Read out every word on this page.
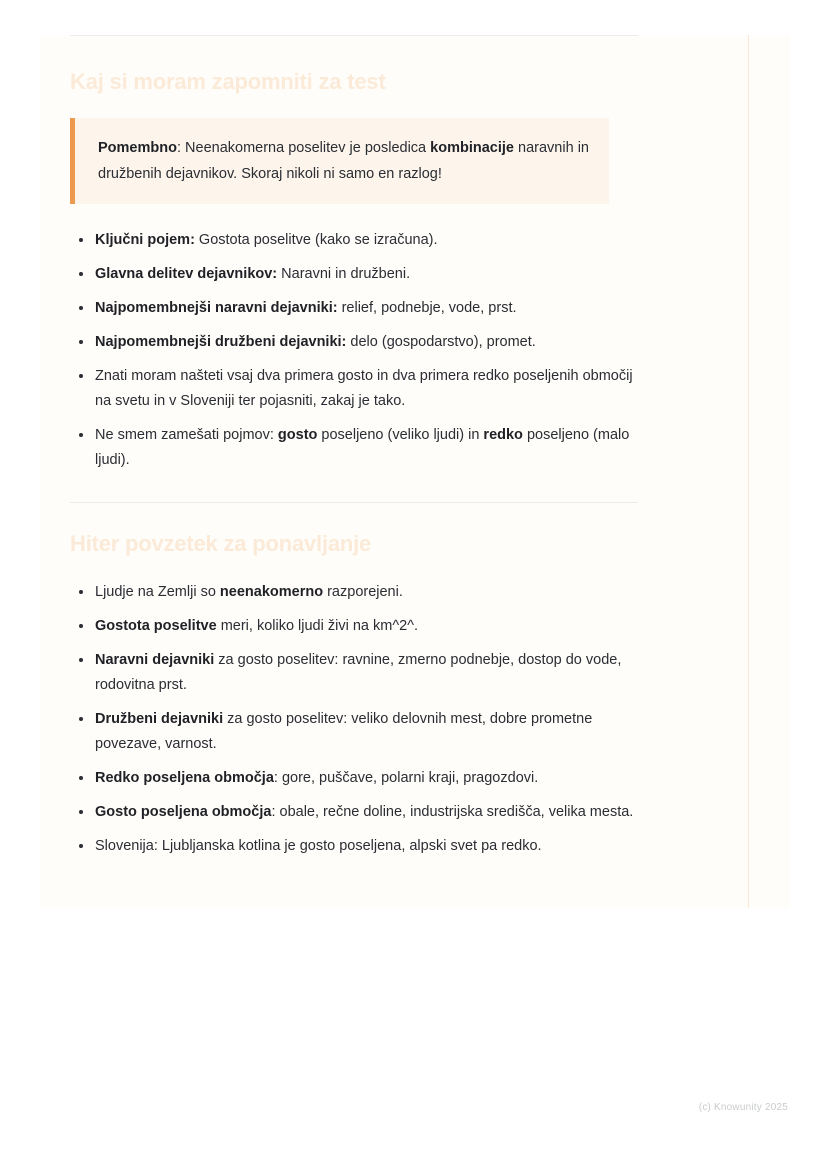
Kaj si moram zapomniti za test

Pomembno: Neenakomerna poselitev je posledica kombinacije naravnih in družbenih dejavnikov. Skoraj nikoli ni samo en razlog!

Ključni pojem: Gostota poselitve (kako se izračuna).
Glavna delitev dejavnikov: Naravni in družbeni.
Najpomembnejši naravni dejavniki: relief, podnebje, vode, prst.
Najpomembnejši družbeni dejavniki: delo (gospodarstvo), promet.
Znati moram našteti vsaj dva primera gosto in dva primera redko poseljenih območij na svetu in v Sloveniji ter pojasniti, zakaj je tako.
Ne smem zamešati pojmov: gosto poseljeno (veliko ljudi) in redko poseljeno (malo ljudi).
Hiter povzetek za ponavljanje
Ljudje na Zemlji so neenakomerno razporejeni.
Gostota poselitve meri, koliko ljudi živi na km^2^.
Naravni dejavniki za gosto poselitev: ravnine, zmerno podnebje, dostop do vode, rodovitna prst.
Družbeni dejavniki za gosto poselitev: veliko delovnih mest, dobre prometne povezave, varnost.
Redko poseljena območja: gore, puščave, polarni kraji, pragozdovi.
Gosto poseljena območja: obale, rečne doline, industrijska središča, velika mesta.
Slovenija: Ljubljanska kotlina je gosto poseljena, alpski svet pa redko.
(c) Knowunity 2025
